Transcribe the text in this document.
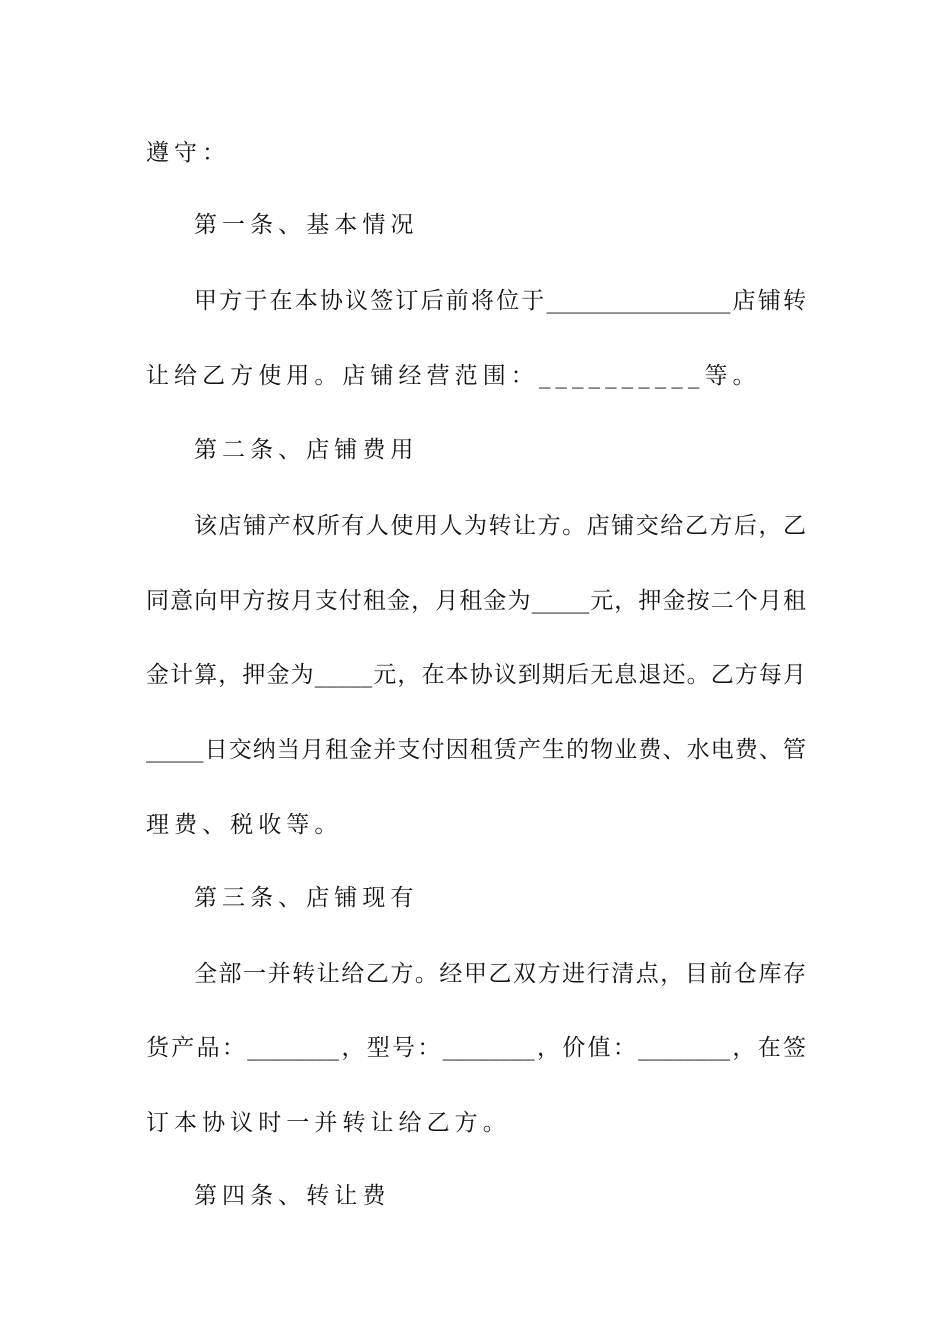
遵守：
第一条、基本情况
甲方于在本协议签订后前将位于________________店铺转
让给乙方使用。店铺经营范围：__________等。
第二条、店铺费用
该店铺产权所有人使用人为转让方。店铺交给乙方后，乙
同意向甲方按月支付租金，月租金为_____元，押金按二个月租
金计算，押金为_____元，在本协议到期后无息退还。乙方每月
_____日交纳当月租金并支付因租赁产生的物业费、水电费、管
理费、税收等。
第三条、店铺现有
全部一并转让给乙方。经甲乙双方进行清点，目前仓库存
货产品：________，型号：________，价值：________，在签
订本协议时一并转让给乙方。
第四条、转让费
